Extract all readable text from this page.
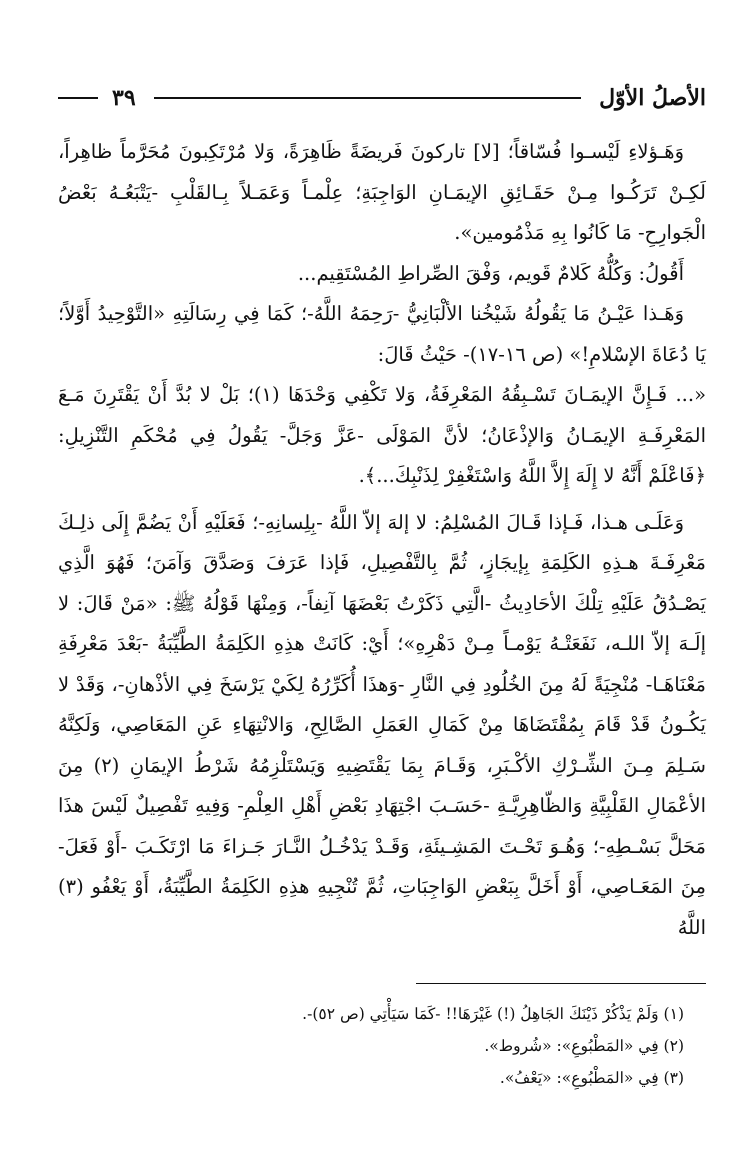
الأصلُ الأوّل
٣٩

وَهَـؤلاءِ لَيْسـوا فُسّاقاً؛ [لا] تاركونَ فَريضَةً ظَاهِرَةً، وَلا مُرْتَكِبونَ مُحَرَّماً ظاهِراً، لَكِـنْ تَرَكُـوا مِـنْ حَقَـائِقِ الإيمَـانِ الوَاجِبَةِ؛ عِلْمـاً وَعَمَـلاً بِـالقَلْبِ -يَتْبَعُـهُ بَعْضُ الْجَوارِحِ- مَا كَانُوا بِهِ مَذْمُومين».

أَقُولُ: وَكُلُّهُ كَلامٌ قَويم، وَفْقَ الصِّراطِ المُسْتَقِيم...

وَهَـذا عَيْـنُ مَا يَقُولُهُ شَيْخُنا الألْبَانِيُّ -رَحِمَهُ اللَّهُ-؛ كَمَا فِي رِسَالَتِهِ «التَّوْحِيدُ أَوَّلاً؛ يَا دُعَاةَ الإسْلامِ!» (ص ١٦-١٧)- حَيْثُ قَالَ:

«... فَـإِنَّ الإيمَـانَ تَسْـبِقُهُ المَعْرِفَةُ، وَلا تَكْفِي وَحْدَهَا (١)؛ بَلْ لا بُدَّ أَنْ يَقْتَرِنَ مَـعَ المَعْرِفَـةِ الإيمَـانُ وَالإذْعَانُ؛ لأنَّ المَوْلَى -عَزَّ وَجَلَّ- يَقُولُ فِي مُحْكَمِ التَّنْزِيلِ: ﴿فَاعْلَمْ أَنَّهُ لا إِلَهَ إِلاَّ اللَّهُ وَاسْتَغْفِرْ لِذَنْبِكَ...﴾.

وَعَلَـى هـذا، فَـإذا قَـالَ المُسْلِمُ: لا إلهَ إلاّ اللَّهُ -بِلِسانِهِ-؛ فَعَلَيْهِ أَنْ يَضُمَّ إِلَى ذلِـكَ مَعْرِفَـةَ هـذِهِ الكَلِمَةِ بِإيجَازٍ، ثُمَّ بِالتَّفْصِيلِ، فَإذا عَرَفَ وَصَدَّقَ وَآمَنَ؛ فَهُوَ الَّذِي يَصْـدُقُ عَلَيْهِ تِلْكَ الأحَادِيثُ -الَّتِي ذَكَرْتُ بَعْضَهَا آنِفاً-، وَمِنْهَا قَوْلُهُ ﷺ: «مَنْ قَالَ: لا إلَـهَ إلاّ اللـه، نَفَعَتْـهُ يَوْمـاً مِـنْ دَهْرِهِ»؛ أَيْ: كَانَتْ هذِهِ الكَلِمَةُ الطَّيِّبَةُ -بَعْدَ مَعْرِفَةِ مَعْنَاهَـا- مُنْجِيَةً لَهُ مِنَ الخُلُودِ فِي النَّارِ -وَهذَا أُكَرِّرُهُ لِكَيْ يَرْسَخَ فِي الأذْهانِ-، وَقَدْ لا يَكُـونُ قَدْ قَامَ بِمُقْتَضَاهَا مِنْ كَمَالِ العَمَلِ الصَّالِحِ، وَالانْتِهَاءِ عَنِ المَعَاصِي، وَلَكِنَّهُ سَـلِمَ مِـنَ الشِّـرْكِ الأكْـبَرِ، وَقَـامَ بِمَا يَقْتَضِيهِ وَيَسْتَلْزِمُهُ شَرْطُ الإيمَانِ (٢) مِنَ الأعْمَالِ القَلْبِيَّةِ وَالظّاهِرِيَّـةِ -حَسَـبَ اجْتِهَادِ بَعْضِ أَهْلِ العِلْمِ- وَفِيهِ تَفْصِيلٌ لَيْسَ هذَا مَحَلَّ بَسْـطِهِ-؛ وَهُـوَ تَحْـتَ المَشِـيئَةِ، وَقَـدْ يَدْخُـلُ النَّـارَ جَـزاءَ مَا ارْتَكَـبَ -أَوْ فَعَلَ- مِنَ المَعَـاصِي، أَوْ أَخَلَّ بِبَعْضِ الوَاجِبَاتِ، ثُمَّ تُنْجِيهِ هذِهِ الكَلِمَةُ الطَّيِّبَةُ، أَوْ يَعْفُو (٣) اللَّهُ

(١) وَلَمْ يَذْكُرْ ذَيْنَكَ الجَاهِلُ (!) غَيْرَهَا!! -كَمَا سَيَأْتِي (ص ٥٢)-.

(٢) فِي «المَطْبُوعِ»: «شُروط».

(٣) فِي «المَطْبُوعِ»: «يَعْفُ».
